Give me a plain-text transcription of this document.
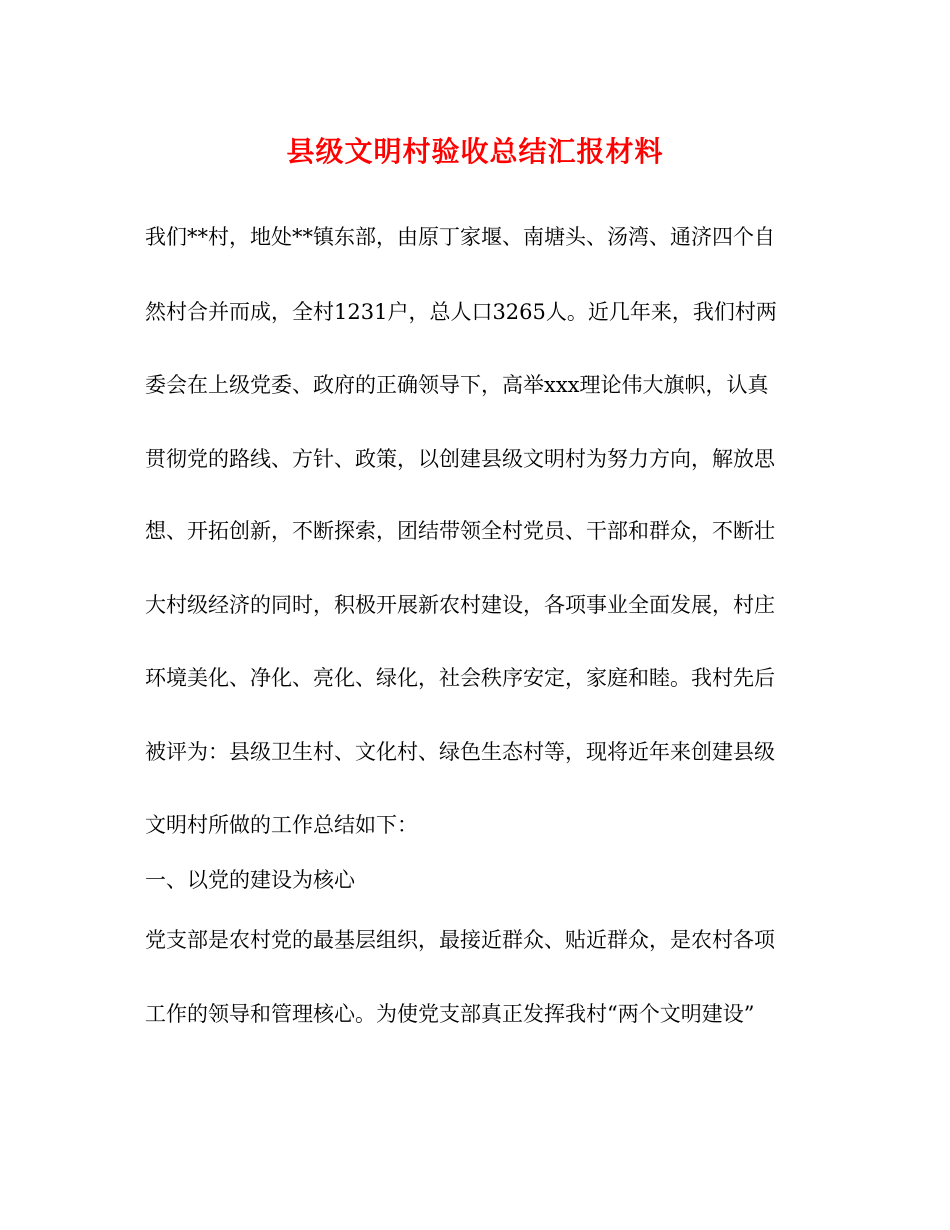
县级文明村验收总结汇报材料
我们**村，地处**镇东部，由原丁家堰、南塘头、汤湾、通济四个自
然村合并而成，全村1231户，总人口3265人。近几年来，我们村两
委会在上级党委、政府的正确领导下，高举xxx理论伟大旗帜，认真
贯彻党的路线、方针、政策，以创建县级文明村为努力方向，解放思
想、开拓创新，不断探索，团结带领全村党员、干部和群众，不断壮
大村级经济的同时，积极开展新农村建设，各项事业全面发展，村庄
环境美化、净化、亮化、绿化，社会秩序安定，家庭和睦。我村先后
被评为：县级卫生村、文化村、绿色生态村等，现将近年来创建县级
文明村所做的工作总结如下：
一、以党的建设为核心
党支部是农村党的最基层组织，最接近群众、贴近群众，是农村各项
工作的领导和管理核心。为使党支部真正发挥我村“两个文明建设”
